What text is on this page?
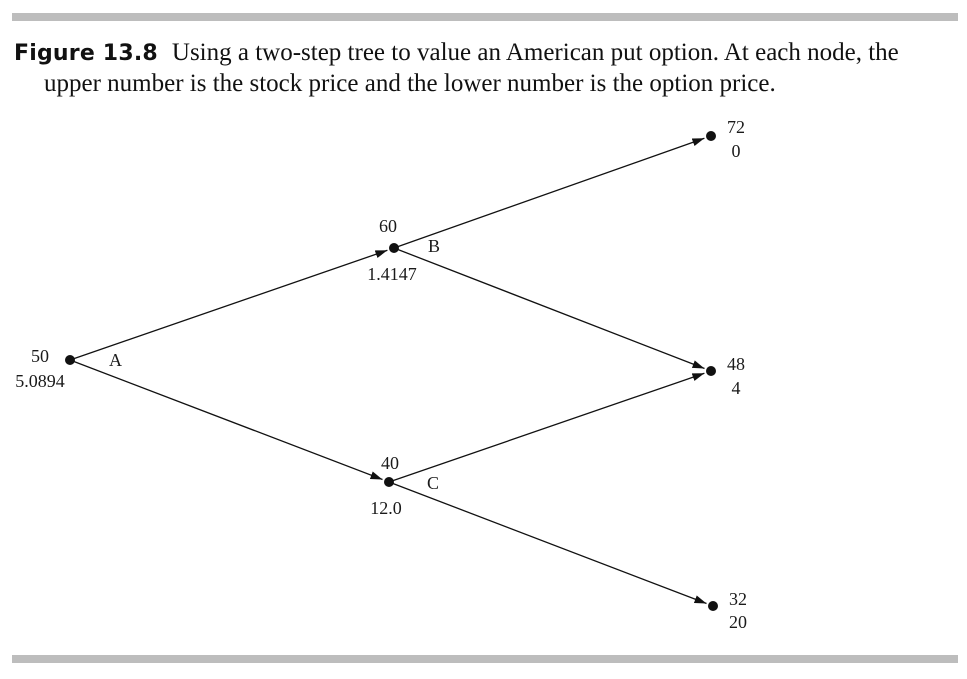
Figure 13.8 Using a two-step tree to value an American put option. At each node, the
upper number is the stock price and the lower number is the option price.
50
5.0894
A
60
1.4147
B
40
12.0
C
72
0
48
4
32
20
